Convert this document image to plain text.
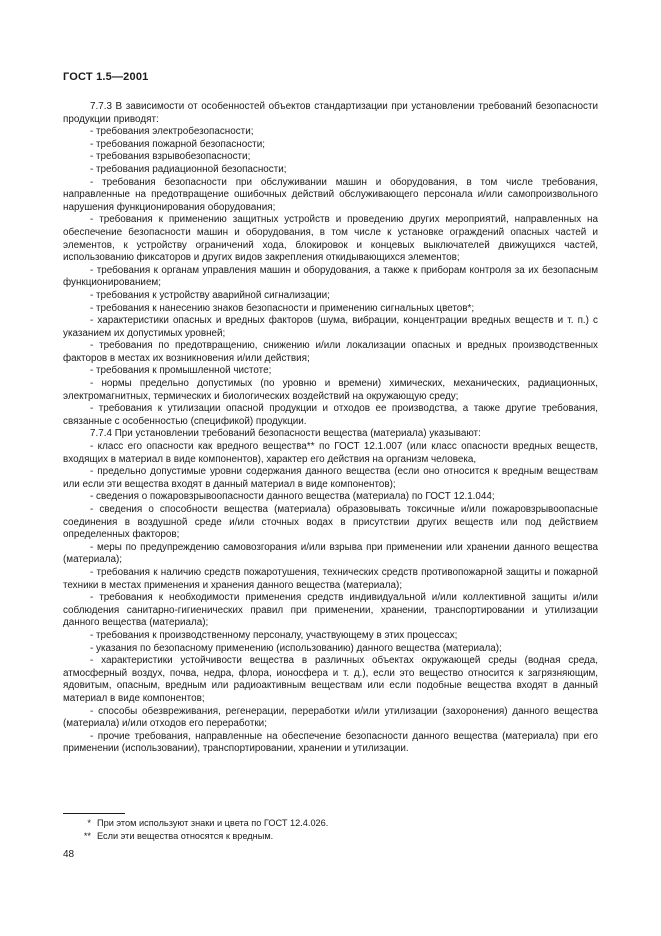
ГОСТ 1.5—2001

7.7.3 В зависимости от особенностей объектов стандартизации при установлении требований безопасности продукции приводят:

- требования электробезопасности;

- требования пожарной безопасности;

- требования взрывобезопасности;

- требования радиационной безопасности;

- требования безопасности при обслуживании машин и оборудования, в том числе требования, направленные на предотвращение ошибочных действий обслуживающего персонала и/или самопроизвольного нарушения функционирования оборудования;

- требования к применению защитных устройств и проведению других мероприятий, направленных на обеспечение безопасности машин и оборудования, в том числе к установке ограждений опасных частей и элементов, к устройству ограничений хода, блокировок и концевых выключателей движущихся частей, использованию фиксаторов и других видов закрепления откидывающихся элементов;

- требования к органам управления машин и оборудования, а также к приборам контроля за их безопасным функционированием;

- требования к устройству аварийной сигнализации;

- требования к нанесению знаков безопасности и применению сигнальных цветов*;

- характеристики опасных и вредных факторов (шума, вибрации, концентрации вредных веществ и т. п.) с указанием их допустимых уровней;

- требования по предотвращению, снижению и/или локализации опасных и вредных производственных факторов в местах их возникновения и/или действия;

- требования к промышленной чистоте;

- нормы предельно допустимых (по уровню и времени) химических, механических, радиационных, электромагнитных, термических и биологических воздействий на окружающую среду;

- требования к утилизации опасной продукции и отходов ее производства, а также другие требования, связанные с особенностью (спецификой) продукции.

7.7.4 При установлении требований безопасности вещества (материала) указывают:

- класс его опасности как вредного вещества** по ГОСТ 12.1.007 (или класс опасности вредных веществ, входящих в материал в виде компонентов), характер его действия на организм человека,

- предельно допустимые уровни содержания данного вещества (если оно относится к вредным веществам или если эти вещества входят в данный материал в виде компонентов);

- сведения о пожаровзрывоопасности данного вещества (материала) по ГОСТ 12.1.044;

- сведения о способности вещества (материала) образовывать токсичные и/или пожаровзрывоопасные соединения в воздушной среде и/или сточных водах в присутствии других веществ или под действием определенных факторов;

- меры по предупреждению самовозгорания и/или взрыва при применении или хранении данного вещества (материала);

- требования к наличию средств пожаротушения, технических средств противопожарной защиты и пожарной техники в местах применения и хранения данного вещества (материала);

- требования к необходимости применения средств индивидуальной и/или коллективной защиты и/или соблюдения санитарно-гигиенических правил при применении, хранении, транспортировании и утилизации данного вещества (материала);

- требования к производственному персоналу, участвующему в этих процессах;

- указания по безопасному применению (использованию) данного вещества (материала);

- характеристики устойчивости вещества в различных объектах окружающей среды (водная среда, атмосферный воздух, почва, недра, флора, ионосфера и т. д.), если это вещество относится к загрязняющим, ядовитым, опасным, вредным или радиоактивным веществам или если подобные вещества входят в данный материал в виде компонентов;

- способы обезвреживания, регенерации, переработки и/или утилизации (захоронения) данного вещества (материала) и/или отходов его переработки;

- прочие требования, направленные на обеспечение безопасности данного вещества (материала) при его применении (использовании), транспортировании, хранении и утилизации.

* При этом используют знаки и цвета по ГОСТ 12.4.026.
** Если эти вещества относятся к вредным.
48
